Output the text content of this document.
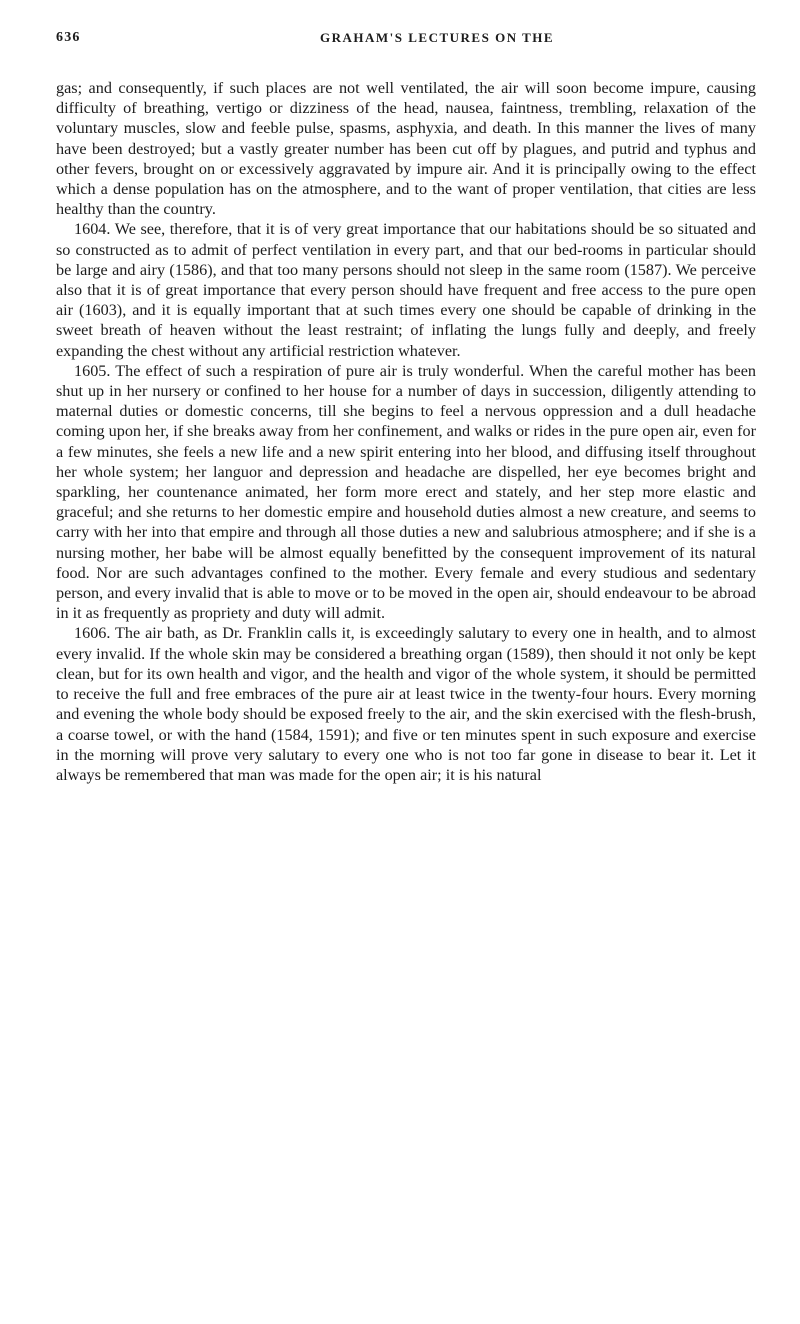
636	GRAHAM'S LECTURES ON THE

gas; and consequently, if such places are not well ventilated, the air will soon become impure, causing difficulty of breathing, vertigo or dizziness of the head, nausea, faintness, trembling, relaxation of the voluntary muscles, slow and feeble pulse, spasms, asphyxia, and death. In this manner the lives of many have been destroyed; but a vastly greater number has been cut off by plagues, and putrid and typhus and other fevers, brought on or excessively aggravated by impure air. And it is principally owing to the effect which a dense population has on the atmosphere, and to the want of proper ventilation, that cities are less healthy than the country.

1604. We see, therefore, that it is of very great importance that our habitations should be so situated and so constructed as to admit of perfect ventilation in every part, and that our bed-rooms in particular should be large and airy (1586), and that too many persons should not sleep in the same room (1587). We perceive also that it is of great importance that every person should have frequent and free access to the pure open air (1603), and it is equally important that at such times every one should be capable of drinking in the sweet breath of heaven without the least restraint; of inflating the lungs fully and deeply, and freely expanding the chest without any artificial restriction whatever.

1605. The effect of such a respiration of pure air is truly wonderful. When the careful mother has been shut up in her nursery or confined to her house for a number of days in succession, diligently attending to maternal duties or domestic concerns, till she begins to feel a nervous oppression and a dull headache coming upon her, if she breaks away from her confinement, and walks or rides in the pure open air, even for a few minutes, she feels a new life and a new spirit entering into her blood, and diffusing itself throughout her whole system; her languor and depression and headache are dispelled, her eye becomes bright and sparkling, her countenance animated, her form more erect and stately, and her step more elastic and graceful; and she returns to her domestic empire and household duties almost a new creature, and seems to carry with her into that empire and through all those duties a new and salubrious atmosphere; and if she is a nursing mother, her babe will be almost equally benefitted by the consequent improvement of its natural food. Nor are such advantages confined to the mother. Every female and every studious and sedentary person, and every invalid that is able to move or to be moved in the open air, should endeavour to be abroad in it as frequently as propriety and duty will admit.

1606. The air bath, as Dr. Franklin calls it, is exceedingly salutary to every one in health, and to almost every invalid. If the whole skin may be considered a breathing organ (1589), then should it not only be kept clean, but for its own health and vigor, and the health and vigor of the whole system, it should be permitted to receive the full and free embraces of the pure air at least twice in the twenty-four hours. Every morning and evening the whole body should be exposed freely to the air, and the skin exercised with the flesh-brush, a coarse towel, or with the hand (1584, 1591); and five or ten minutes spent in such exposure and exercise in the morning will prove very salutary to every one who is not too far gone in disease to bear it. Let it always be remembered that man was made for the open air; it is his natural
